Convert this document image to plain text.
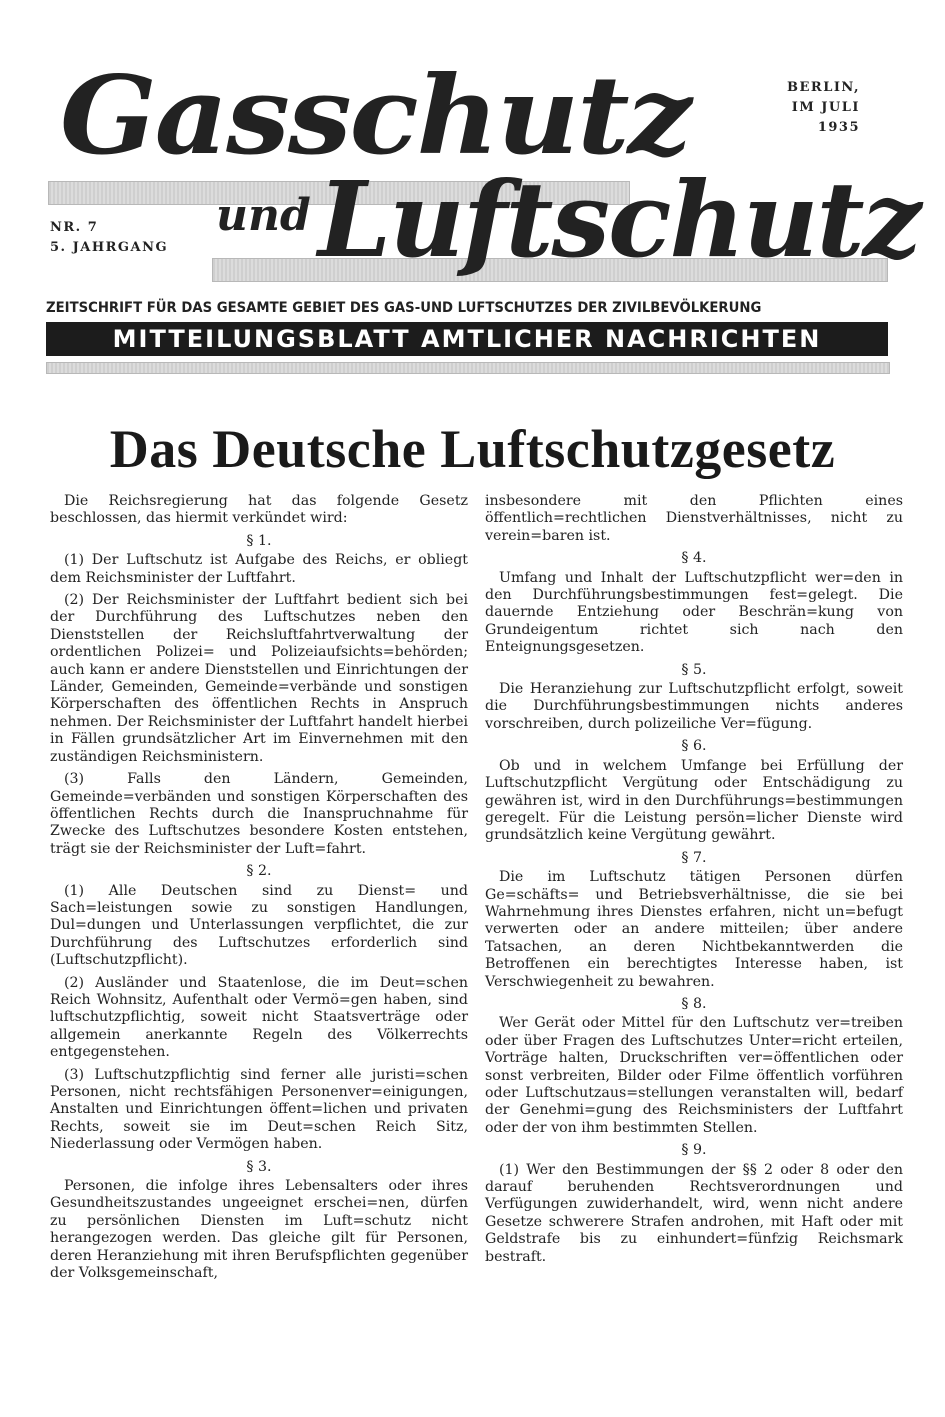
Gasschutz
und Luftschutz
BERLIN,
IM JULI 1935
NR. 7
5. JAHRGANG
ZEITSCHRIFT FÜR DAS GESAMTE GEBIET DES GAS-UND LUFTSCHUTZES DER ZIVILBEVÖLKERUNG
MITTEILUNGSBLATT AMTLICHER NACHRICHTEN
Das Deutsche Luftschutzgesetz

Die Reichsregierung hat das folgende Gesetz beschlossen, das hiermit verkündet wird:

§ 1.

(1) Der Luftschutz ist Aufgabe des Reichs, er obliegt dem Reichsminister der Luftfahrt.

(2) Der Reichsminister der Luftfahrt bedient sich bei der Durchführung des Luftschutzes neben den Dienststellen der Reichsluftfahrtverwaltung der ordentlichen Polizei= und Polizeiaufsichts=behörden; auch kann er andere Dienststellen und Einrichtungen der Länder, Gemeinden, Gemeinde=verbände und sonstigen Körperschaften des öffentlichen Rechts in Anspruch nehmen. Der Reichsminister der Luftfahrt handelt hierbei in Fällen grundsätzlicher Art im Einvernehmen mit den zuständigen Reichsministern.

(3) Falls den Ländern, Gemeinden, Gemeinde=verbänden und sonstigen Körperschaften des öffentlichen Rechts durch die Inanspruchnahme für Zwecke des Luftschutzes besondere Kosten entstehen, trägt sie der Reichsminister der Luft=fahrt.

§ 2.

(1) Alle Deutschen sind zu Dienst= und Sach=leistungen sowie zu sonstigen Handlungen, Dul=dungen und Unterlassungen verpflichtet, die zur Durchführung des Luftschutzes erforderlich sind (Luftschutzpflicht).

(2) Ausländer und Staatenlose, die im Deut=schen Reich Wohnsitz, Aufenthalt oder Vermö=gen haben, sind luftschutzpflichtig, soweit nicht Staatsverträge oder allgemein anerkannte Regeln des Völkerrechts entgegenstehen.

(3) Luftschutzpflichtig sind ferner alle juristi=schen Personen, nicht rechtsfähigen Personenver=einigungen, Anstalten und Einrichtungen öffent=lichen und privaten Rechts, soweit sie im Deut=schen Reich Sitz, Niederlassung oder Vermögen haben.

§ 3.

Personen, die infolge ihres Lebensalters oder ihres Gesundheitszustandes ungeeignet erschei=nen, dürfen zu persönlichen Diensten im Luft=schutz nicht herangezogen werden. Das gleiche gilt für Personen, deren Heranziehung mit ihren Berufspflichten gegenüber der Volksgemeinschaft,

insbesondere mit den Pflichten eines öffentlich=rechtlichen Dienstverhältnisses, nicht zu verein=baren ist.

§ 4.

Umfang und Inhalt der Luftschutzpflicht wer=den in den Durchführungsbestimmungen fest=gelegt. Die dauernde Entziehung oder Beschrän=kung von Grundeigentum richtet sich nach den Enteignungsgesetzen.

§ 5.

Die Heranziehung zur Luftschutzpflicht erfolgt, soweit die Durchführungsbestimmungen nichts anderes vorschreiben, durch polizeiliche Ver=fügung.

§ 6.

Ob und in welchem Umfange bei Erfüllung der Luftschutzpflicht Vergütung oder Entschädigung zu gewähren ist, wird in den Durchführungs=bestimmungen geregelt. Für die Leistung persön=licher Dienste wird grundsätzlich keine Vergütung gewährt.

§ 7.

Die im Luftschutz tätigen Personen dürfen Ge=schäfts= und Betriebsverhältnisse, die sie bei Wahrnehmung ihres Dienstes erfahren, nicht un=befugt verwerten oder an andere mitteilen; über andere Tatsachen, an deren Nichtbekanntwerden die Betroffenen ein berechtigtes Interesse haben, ist Verschwiegenheit zu bewahren.

§ 8.

Wer Gerät oder Mittel für den Luftschutz ver=treiben oder über Fragen des Luftschutzes Unter=richt erteilen, Vorträge halten, Druckschriften ver=öffentlichen oder sonst verbreiten, Bilder oder Filme öffentlich vorführen oder Luftschutzaus=stellungen veranstalten will, bedarf der Genehmi=gung des Reichsministers der Luftfahrt oder der von ihm bestimmten Stellen.

§ 9.

(1) Wer den Bestimmungen der §§ 2 oder 8 oder den darauf beruhenden Rechtsverordnungen und Verfügungen zuwiderhandelt, wird, wenn nicht andere Gesetze schwerere Strafen androhen, mit Haft oder mit Geldstrafe bis zu einhundert=fünfzig Reichsmark bestraft.
